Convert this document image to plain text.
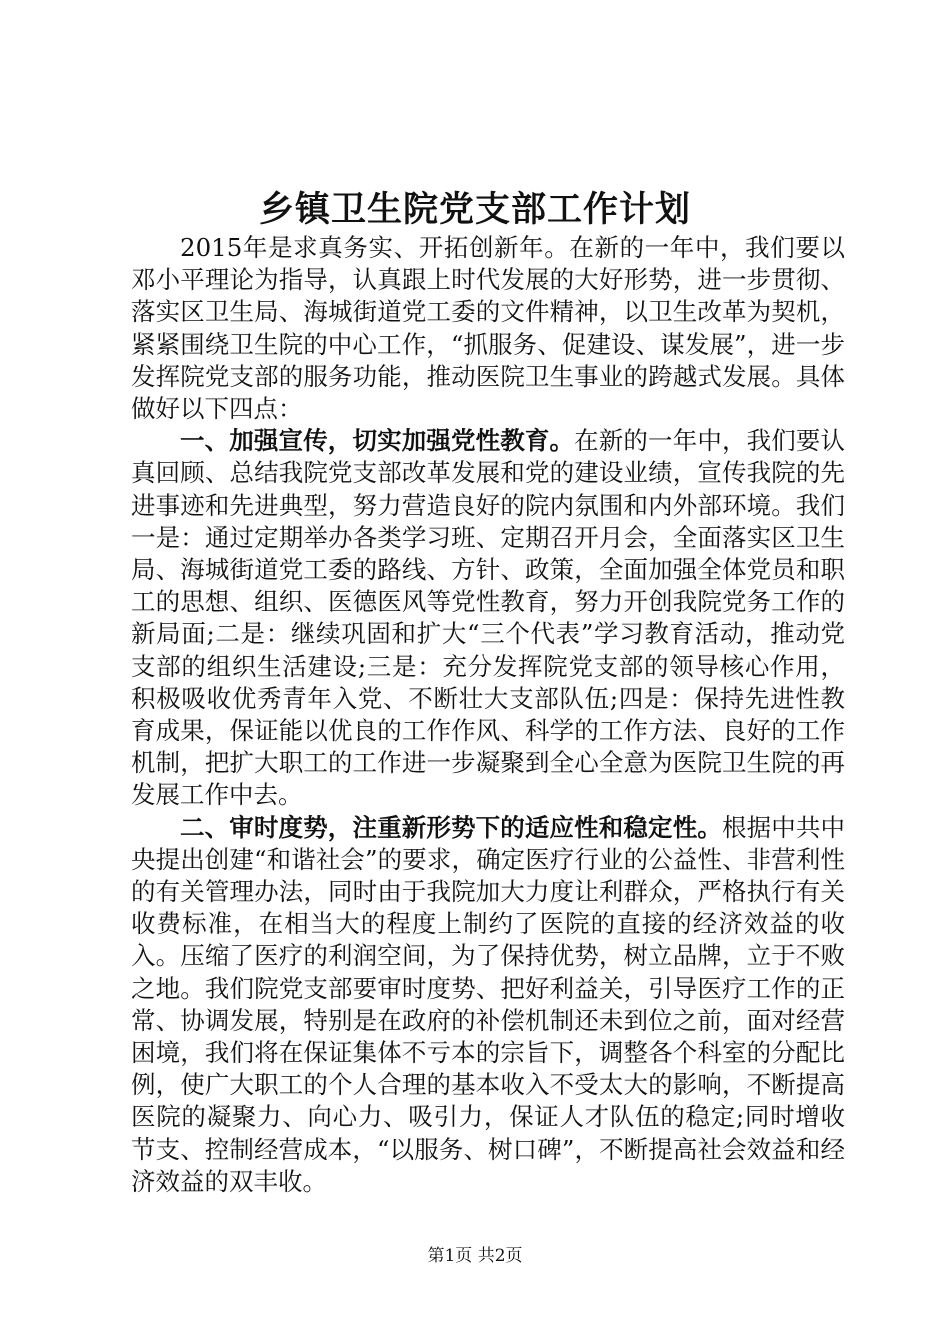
乡镇卫生院党支部工作计划

2015年是求真务实、开拓创新年。在新的一年中，我们要以邓小平理论为指导，认真跟上时代发展的大好形势，进一步贯彻、落实区卫生局、海城街道党工委的文件精神，以卫生改革为契机，紧紧围绕卫生院的中心工作，“抓服务、促建设、谋发展”，进一步发挥院党支部的服务功能，推动医院卫生事业的跨越式发展。具体做好以下四点：

一、加强宣传，切实加强党性教育。在新的一年中，我们要认真回顾、总结我院党支部改革发展和党的建设业绩，宣传我院的先进事迹和先进典型，努力营造良好的院内氛围和内外部环境。我们一是：通过定期举办各类学习班、定期召开月会，全面落实区卫生局、海城街道党工委的路线、方针、政策，全面加强全体党员和职工的思想、组织、医德医风等党性教育，努力开创我院党务工作的新局面;二是：继续巩固和扩大“三个代表”学习教育活动，推动党支部的组织生活建设;三是：充分发挥院党支部的领导核心作用，积极吸收优秀青年入党、不断壮大支部队伍;四是：保持先进性教育成果，保证能以优良的工作作风、科学的工作方法、良好的工作机制，把扩大职工的工作进一步凝聚到全心全意为医院卫生院的再发展工作中去。

二、审时度势，注重新形势下的适应性和稳定性。根据中共中央提出创建“和谐社会”的要求，确定医疗行业的公益性、非营利性的有关管理办法，同时由于我院加大力度让利群众，严格执行有关收费标准，在相当大的程度上制约了医院的直接的经济效益的收入。压缩了医疗的利润空间，为了保持优势，树立品牌，立于不败之地。我们院党支部要审时度势、把好利益关，引导医疗工作的正常、协调发展，特别是在政府的补偿机制还未到位之前，面对经营困境，我们将在保证集体不亏本的宗旨下，调整各个科室的分配比例，使广大职工的个人合理的基本收入不受太大的影响，不断提高医院的凝聚力、向心力、吸引力，保证人才队伍的稳定;同时增收节支、控制经营成本，“以服务、树口碑”，不断提高社会效益和经济效益的双丰收。

第1页 共2页
